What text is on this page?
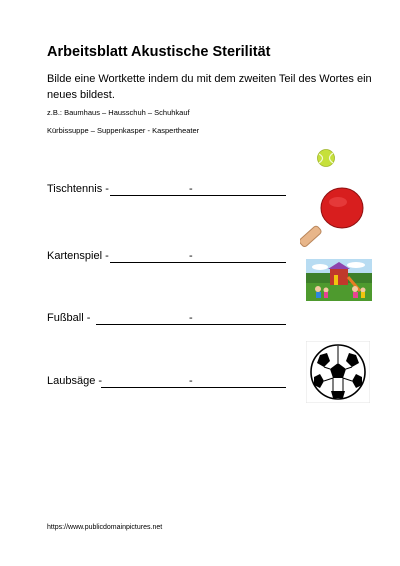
Arbeitsblatt Akustische Sterilität
Bilde eine Wortkette indem du mit dem zweiten Teil des Wortes ein neues bildest.
z.B.: Baumhaus – Hausschuh – Schuhkauf
Kürbissuppe – Suppenkasper - Kaspertheater
Tischtennis -	-
Kartenspiel -	-
Fußball -	-
Laubsäge -	-
https://www.publicdomainpictures.net
